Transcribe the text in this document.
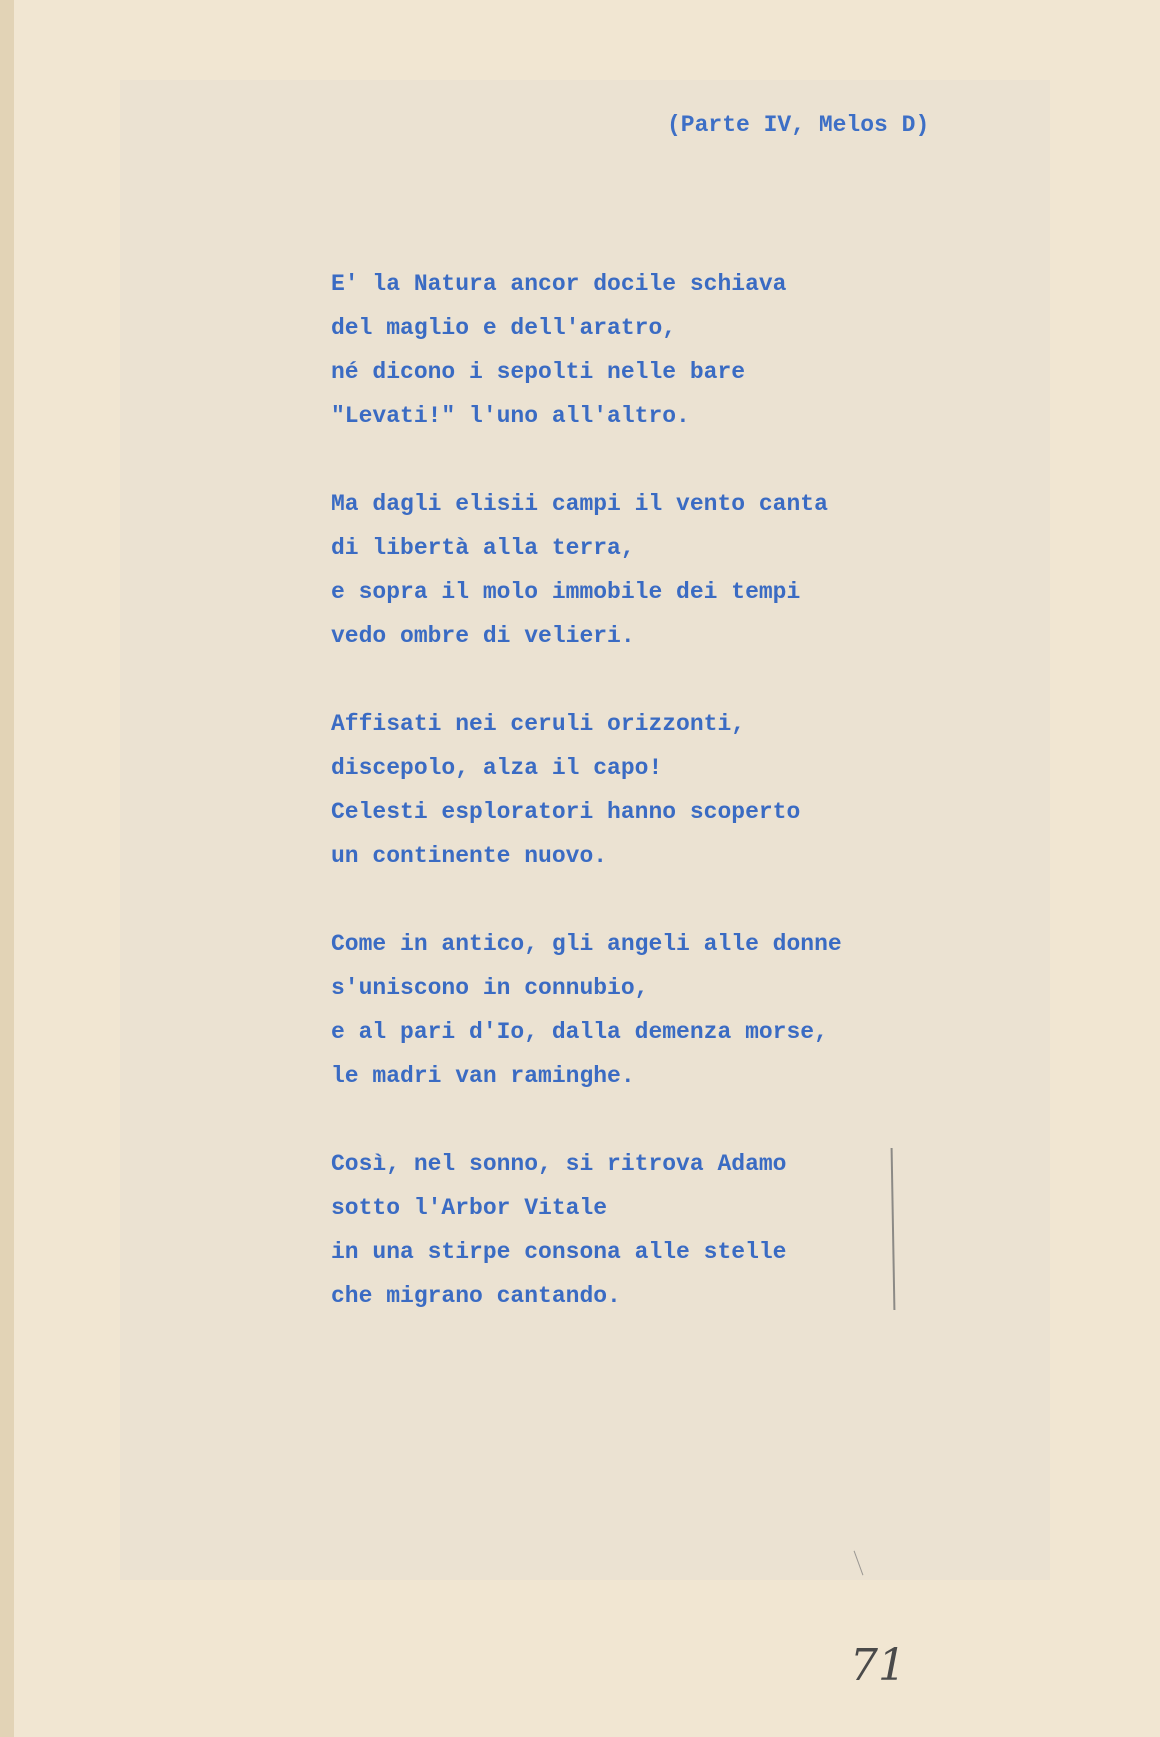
(Parte IV, Melos D)

E' la Natura ancor docile schiava
del maglio e dell'aratro,
né dicono i sepolti nelle bare
"Levati!" l'uno all'altro.
Ma dagli elisii campi il vento canta
di libertà alla terra,
e sopra il molo immobile dei tempi
vedo ombre di velieri.
Affisati nei ceruli orizzonti,
discepolo, alza il capo!
Celesti esploratori hanno scoperto
un continente nuovo.
Come in antico, gli angeli alle donne
s'uniscono in connubio,
e al pari d'Io, dalla demenza morse,
le madri van raminghe.
Così, nel sonno, si ritrova Adamo
sotto l'Arbor Vitale
in una stirpe consona alle stelle
che migrano cantando.

71
